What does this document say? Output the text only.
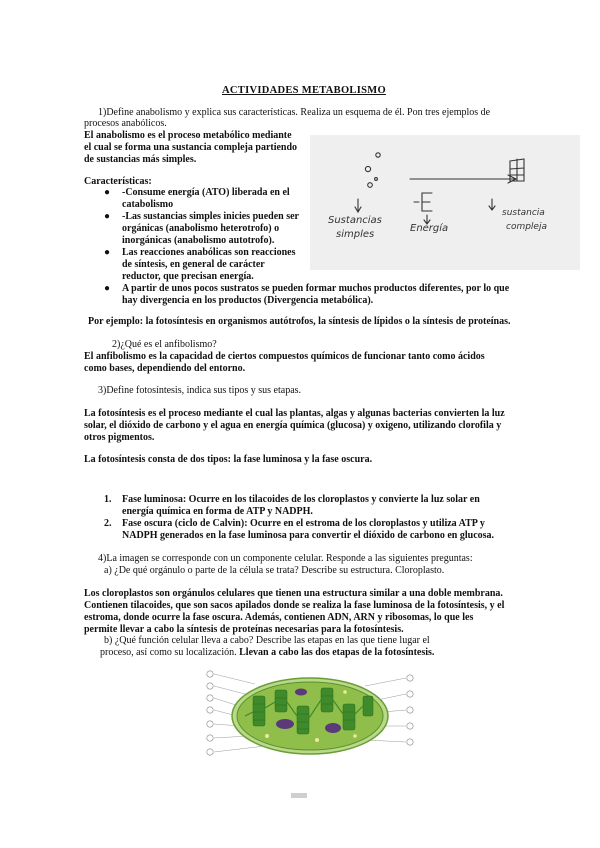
ACTIVIDADES METABOLISMO
1)Define anabolismo y explica sus características. Realiza un esquema de él. Pon tres ejemplos de
procesos anabólicos.
El anabolismo es el proceso metabólico mediante
el cual se forma una sustancia compleja partiendo
de sustancias más simples.
Características:
● -Consume energía (ATO) liberada en el
catabolismo
● -Las sustancias simples inicies pueden ser
orgánicas (anabolismo heterotrofo) o
inorgánicas (anabolismo autotrofo).
● Las reacciones anabólicas son reacciones
de síntesis, en general de carácter
reductor, que precisan energía.
● A partir de unos pocos sustratos se pueden formar muchos productos diferentes, por lo que
hay divergencia en los productos (Divergencia metabólica).
Por ejemplo: la fotosíntesis en organismos autótrofos, la síntesis de lípidos o la síntesis de proteínas.
Sustancias
simples
Energía
sustancia
compleja
2)¿Qué es el anfibolismo?
El anfibolismo es la capacidad de ciertos compuestos químicos de funcionar tanto como ácidos
como bases, dependiendo del entorno.
3)Define fotosíntesis, indica sus tipos y sus etapas.
La fotosíntesis es el proceso mediante el cual las plantas, algas y algunas bacterias convierten la luz
solar, el dióxido de carbono y el agua en energía química (glucosa) y oxigeno, utilizando clorofila y
otros pigmentos.
La fotosíntesis consta de dos tipos: la fase luminosa y la fase oscura.
1. Fase luminosa: Ocurre en los tilacoides de los cloroplastos y convierte la luz solar en
energía química en forma de ATP y NADPH.
2. Fase oscura (ciclo de Calvin): Ocurre en el estroma de los cloroplastos y utiliza ATP y
NADPH generados en la fase luminosa para convertir el dióxido de carbono en glucosa.
4)La imagen se corresponde con un componente celular. Responde a las siguientes preguntas:
a) ¿De qué orgánulo o parte de la célula se trata? Describe su estructura. Cloroplasto.
Los cloroplastos son orgánulos celulares que tienen una estructura similar a una doble membrana.
Contienen tilacoides, que son sacos apilados donde se realiza la fase luminosa de la fotosíntesis, y el
estroma, donde ocurre la fase oscura. Además, contienen ADN, ARN y ribosomas, lo que les
permite llevar a cabo la síntesis de proteínas necesarias para la fotosíntesis.
b) ¿Qué función celular lleva a cabo? Describe las etapas en las que tiene lugar el
proceso, así como su localización. Llevan a cabo las dos etapas de la fotosíntesis.
